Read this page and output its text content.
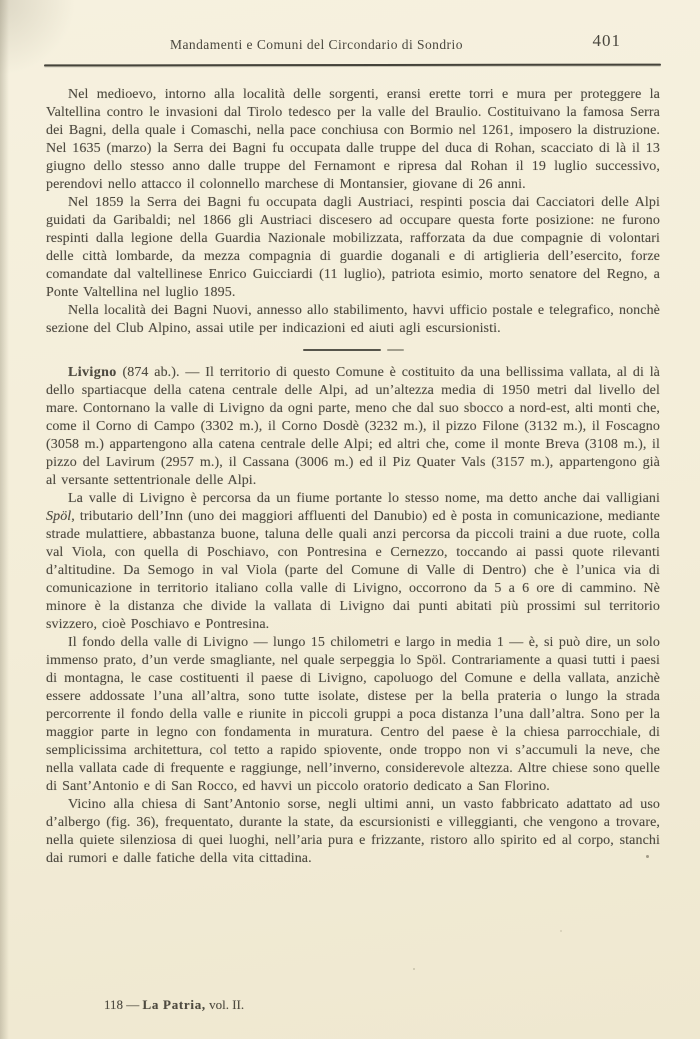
Mandamenti e Comuni del Circondario di Sondrio	401

Nel medioevo, intorno alla località delle sorgenti, eransi erette torri e mura per proteggere la Valtellina contro le invasioni dal Tirolo tedesco per la valle del Braulio. Costituivano la famosa Serra dei Bagni, della quale i Comaschi, nella pace conchiusa con Bormio nel 1261, imposero la distruzione. Nel 1635 (marzo) la Serra dei Bagni fu occupata dalle truppe del duca di Rohan, scacciato di là il 13 giugno dello stesso anno dalle truppe del Fernamont e ripresa dal Rohan il 19 luglio successivo, perendovi nello attacco il colonnello marchese di Montansier, giovane di 26 anni.

Nel 1859 la Serra dei Bagni fu occupata dagli Austriaci, respinti poscia dai Cacciatori delle Alpi guidati da Garibaldi; nel 1866 gli Austriaci discesero ad occupare questa forte posizione: ne furono respinti dalla legione della Guardia Nazionale mobilizzata, rafforzata da due compagnie di volontari delle città lombarde, da mezza compagnia di guardie doganali e di artiglieria dell’esercito, forze comandate dal valtellinese Enrico Guicciardi (11 luglio), patriota esimio, morto senatore del Regno, a Ponte Valtellina nel luglio 1895.

Nella località dei Bagni Nuovi, annesso allo stabilimento, havvi ufficio postale e telegrafico, nonchè sezione del Club Alpino, assai utile per indicazioni ed aiuti agli escursionisti.

Livigno (874 ab.). — Il territorio di questo Comune è costituito da una bellissima vallata, al di là dello spartiacque della catena centrale delle Alpi, ad un’altezza media di 1950 metri dal livello del mare. Contornano la valle di Livigno da ogni parte, meno che dal suo sbocco a nord-est, alti monti che, come il Corno di Campo (3302 m.), il Corno Dosdè (3232 m.), il pizzo Filone (3132 m.), il Foscagno (3058 m.) appartengono alla catena centrale delle Alpi; ed altri che, come il monte Breva (3108 m.), il pizzo del Lavirum (2957 m.), il Cassana (3006 m.) ed il Piz Quater Vals (3157 m.), appartengono già al versante settentrionale delle Alpi.

La valle di Livigno è percorsa da un fiume portante lo stesso nome, ma detto anche dai valligiani Spöl, tributario dell’Inn (uno dei maggiori affluenti del Danubio) ed è posta in comunicazione, mediante strade mulattiere, abbastanza buone, taluna delle quali anzi percorsa da piccoli traini a due ruote, colla val Viola, con quella di Poschiavo, con Pontresina e Cernezzo, toccando ai passi quote rilevanti d’altitudine. Da Semogo in val Viola (parte del Comune di Valle di Dentro) che è l’unica via di comunicazione in territorio italiano colla valle di Livigno, occorrono da 5 a 6 ore di cammino. Nè minore è la distanza che divide la vallata di Livigno dai punti abitati più prossimi sul territorio svizzero, cioè Poschiavo e Pontresina.

Il fondo della valle di Livigno — lungo 15 chilometri e largo in media 1 — è, si può dire, un solo immenso prato, d’un verde smagliante, nel quale serpeggia lo Spöl. Contrariamente a quasi tutti i paesi di montagna, le case costituenti il paese di Livigno, capoluogo del Comune e della vallata, anzichè essere addossate l’una all’altra, sono tutte isolate, distese per la bella prateria o lungo la strada percorrente il fondo della valle e riunite in piccoli gruppi a poca distanza l’una dall’altra. Sono per la maggior parte in legno con fondamenta in muratura. Centro del paese è la chiesa parrocchiale, di semplicissima architettura, col tetto a rapido spiovente, onde troppo non vi s’accumuli la neve, che nella vallata cade di frequente e raggiunge, nell’inverno, considerevole altezza. Altre chiese sono quelle di Sant’Antonio e di San Rocco, ed havvi un piccolo oratorio dedicato a San Florino.

Vicino alla chiesa di Sant’Antonio sorse, negli ultimi anni, un vasto fabbricato adattato ad uso d’albergo (fig. 36), frequentato, durante la state, da escursionisti e villeggianti, che vengono a trovare, nella quiete silenziosa di quei luoghi, nell’aria pura e frizzante, ristoro allo spirito ed al corpo, stanchi dai rumori e dalle fatiche della vita cittadina.

118 — La Patria, vol. II.
